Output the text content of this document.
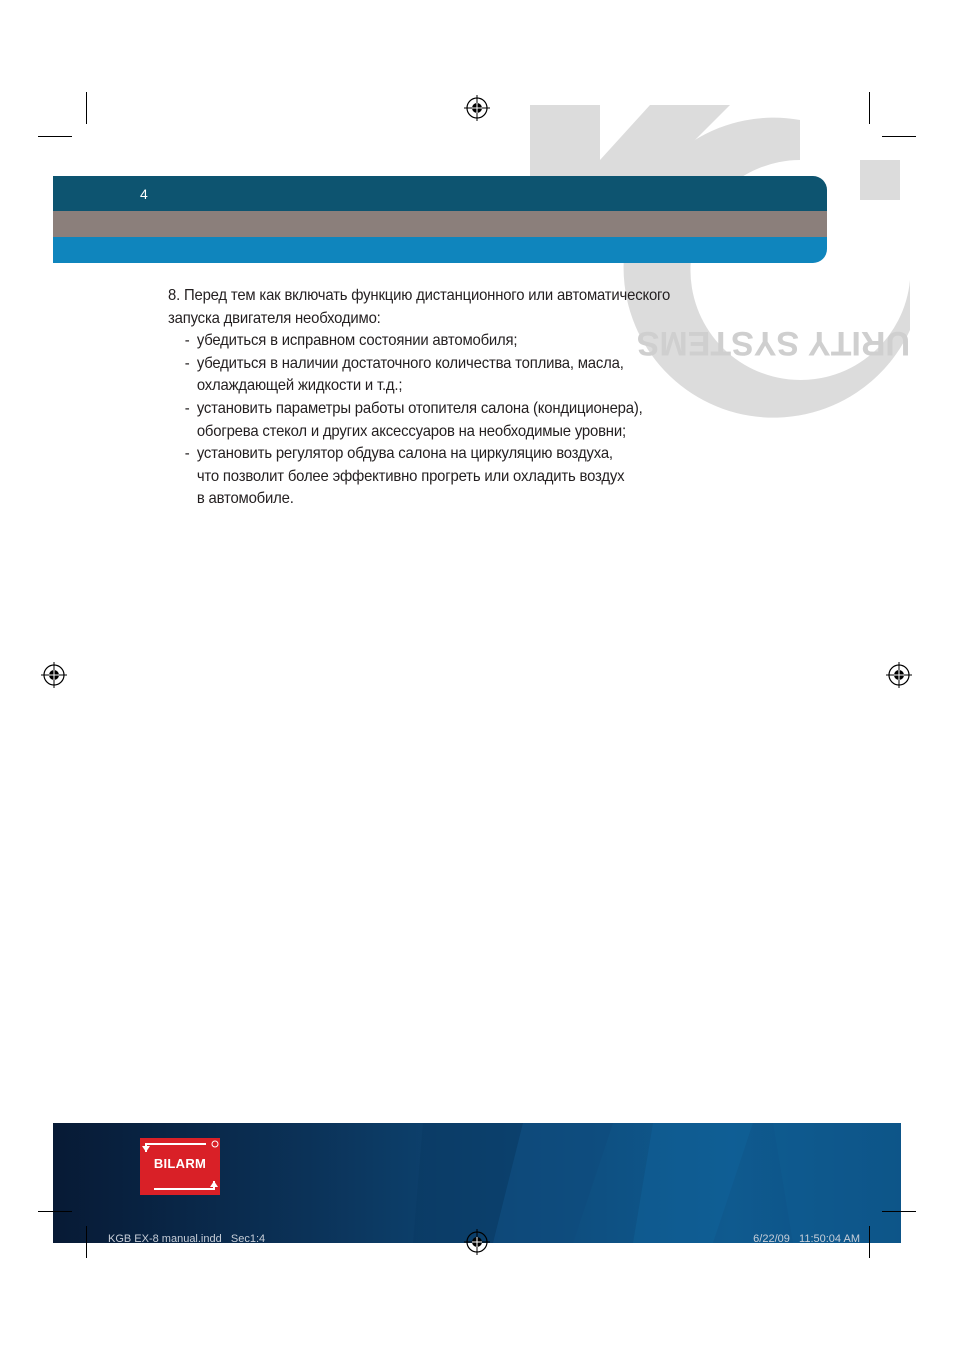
URITY SYSTEMS
4

8. Перед тем как включать функцию дистанционного или автоматического

запуска двигателя необходимо:

- убедиться в исправном состоянии автомобиля;

- убедиться в наличии достаточного количества топлива, масла,
охлаждающей жидкости и т.д.;

- установить параметры работы отопителя салона (кондиционера),
обогрева стекол и других аксессуаров на необходимые уровни;

- установить регулятор обдува салона на циркуляцию воздуха,
что позволит более эффективно прогреть или охладить воздух
в автомобиле.

BILARM
KGB EX-8 manual.indd   Sec1:4	6/22/09   11:50:04 AM
